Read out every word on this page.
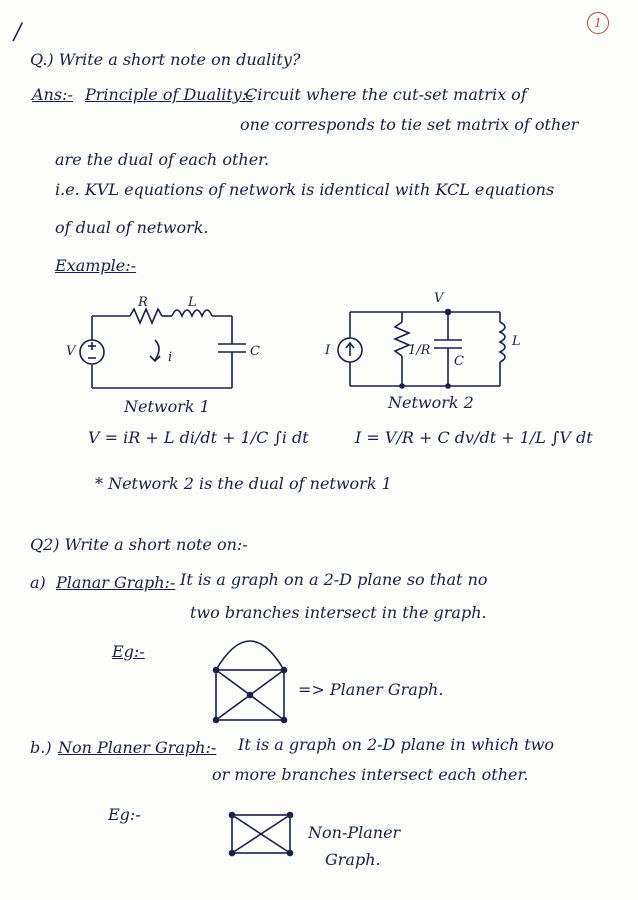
1
/
Q.) Write a short note on duality?
Ans:- Principle of Duality:-
Circuit where the cut-set matrix of
one corresponds to tie set matrix of other
are the dual of each other.
i.e. KVL equations of network is identical with KCL equations
of dual of network.
Example:-
R	L
C
V	i
Network 1
V = iR + L di/dt + 1/C ∫i dt
V
I	1/R
C
L
Network 2
I = V/R + C dv/dt + 1/L ∫V dt
* Network 2 is the dual of network 1
Q2) Write a short note on:-
a) Planar Graph:- It is a graph on a 2-D plane so that no
two branches intersect in the graph.
Eg:-
=> Planer Graph.
b.) Non Planer Graph:- It is a graph on 2-D plane in which two
or more branches intersect each other.
Eg:-
Non-Planer
Graph.
